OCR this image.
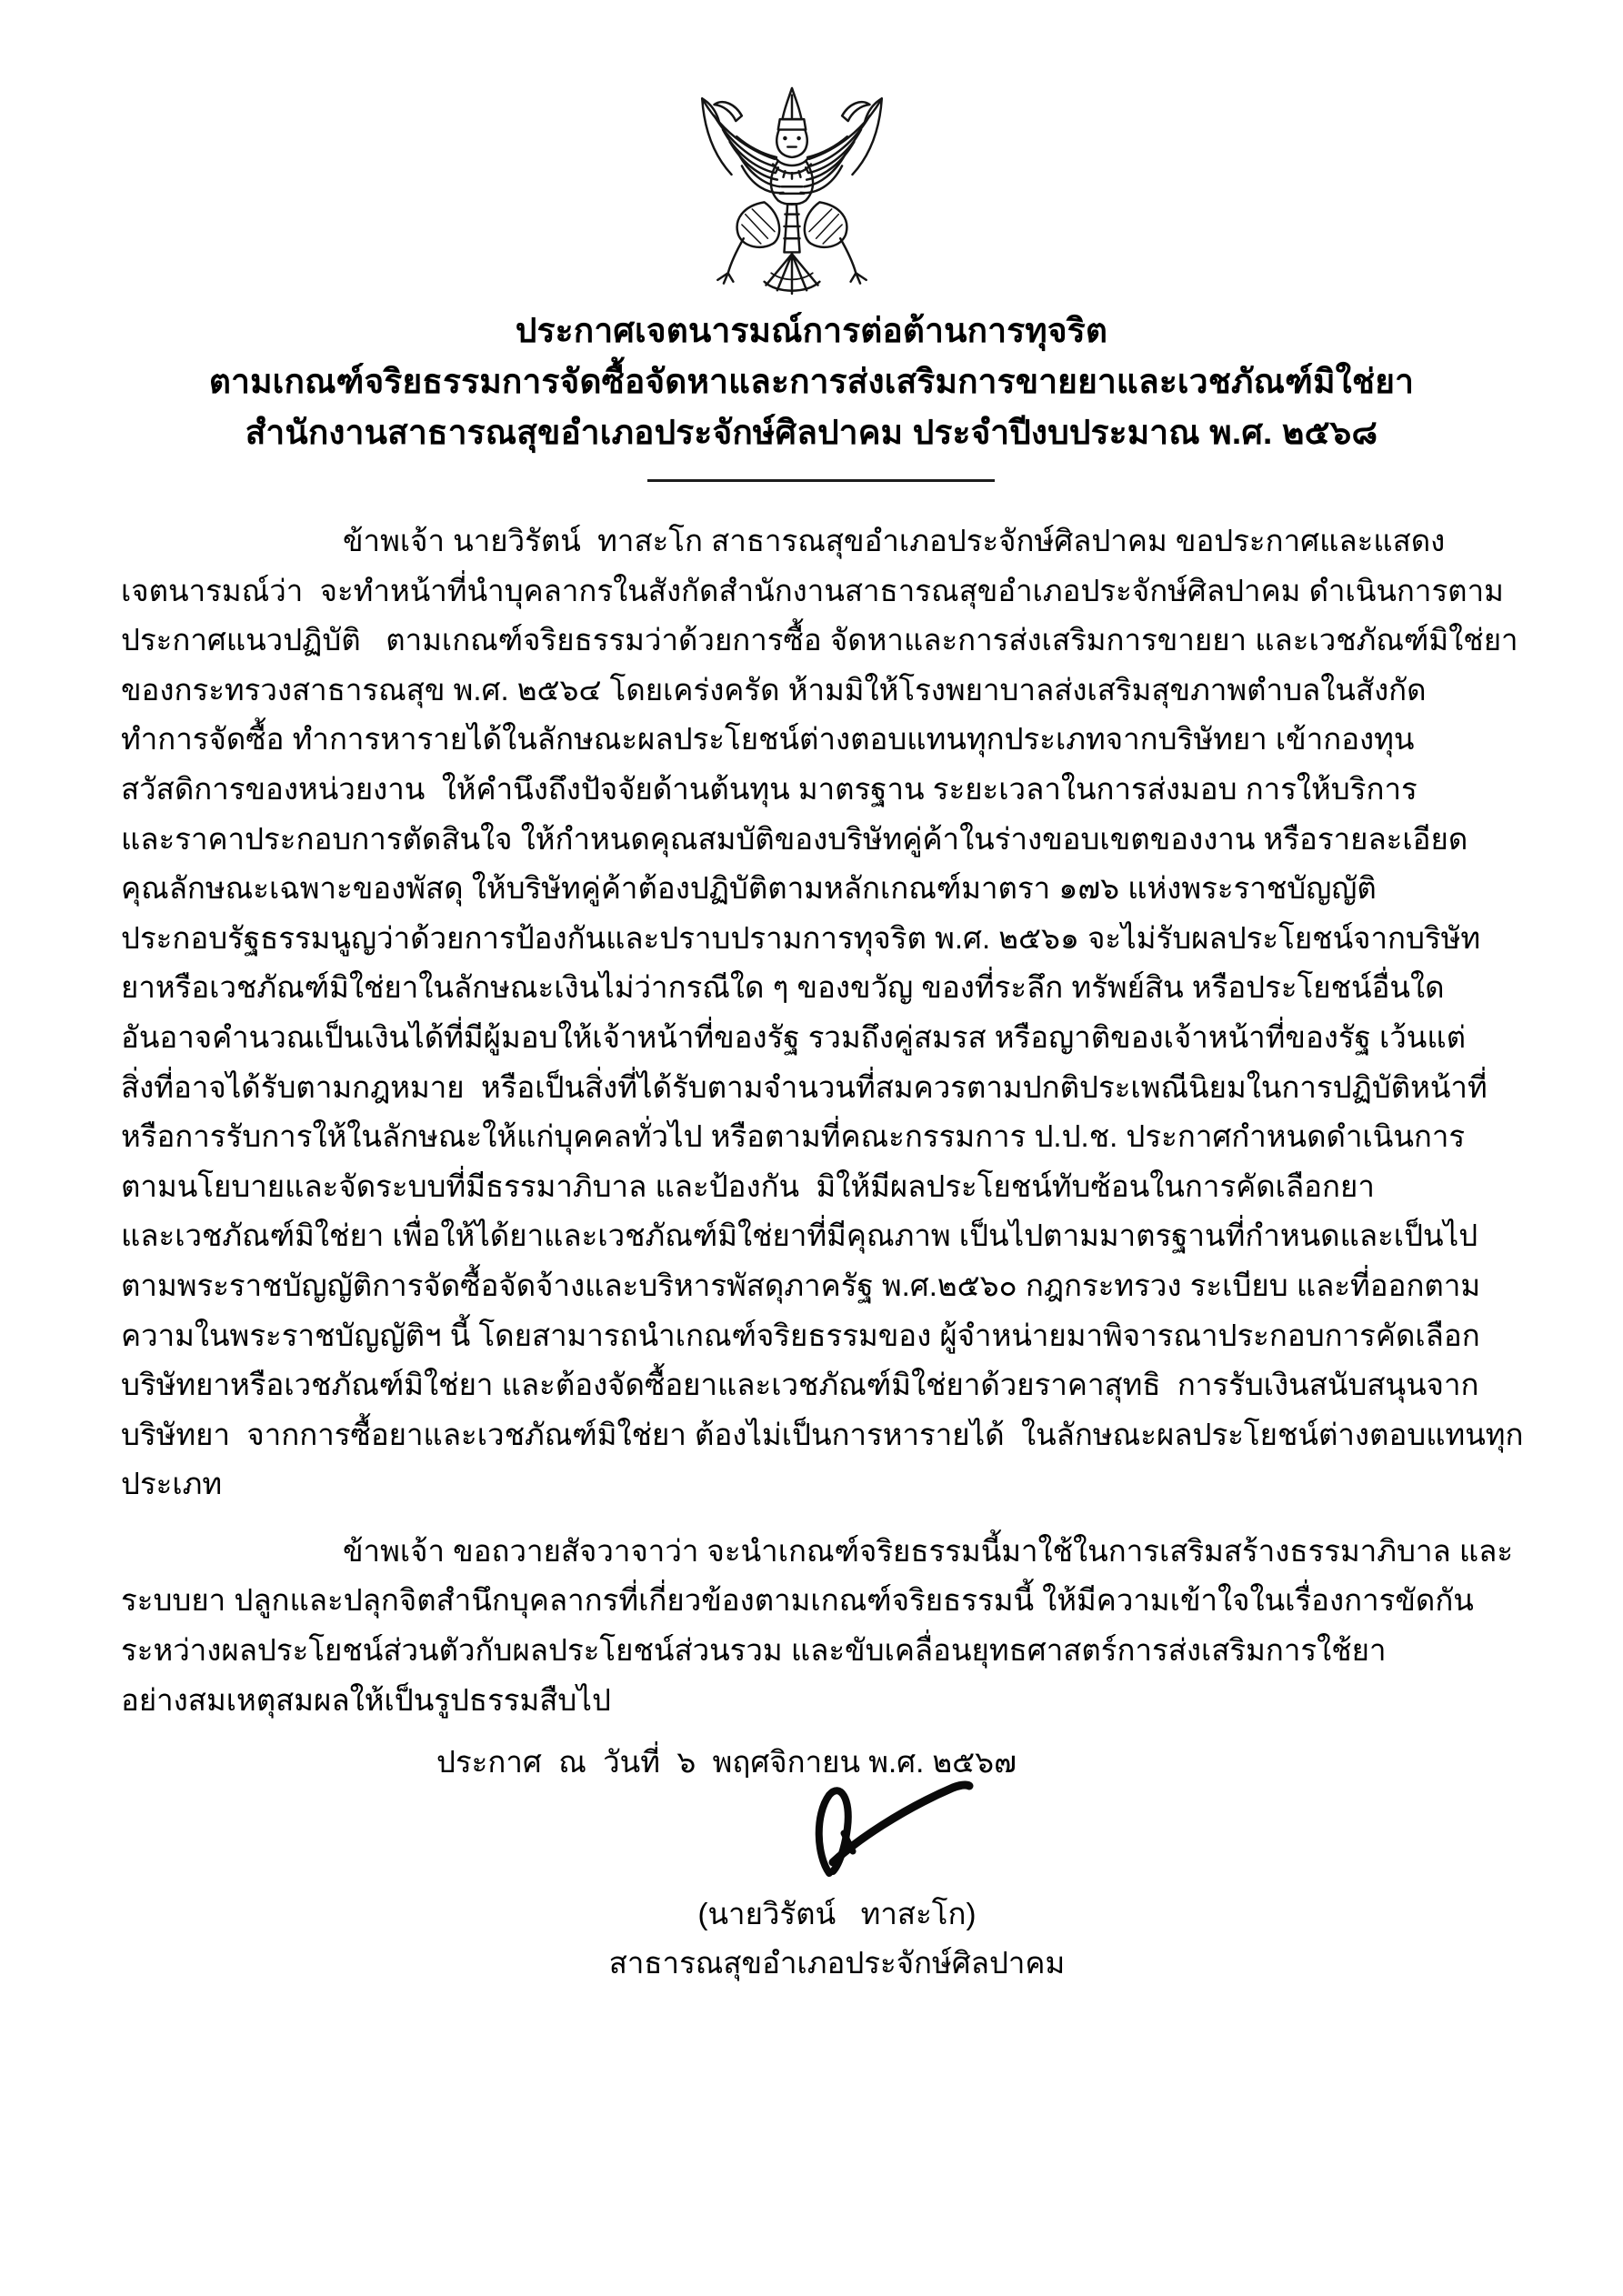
ประกาศเจตนารมณ์การต่อต้านการทุจริต
ตามเกณฑ์จริยธรรมการจัดซื้อจัดหาและการส่งเสริมการขายยาและเวชภัณฑ์มิใช่ยา
สำนักงานสาธารณสุขอำเภอประจักษ์ศิลปาคม ประจำปีงบประมาณ พ.ศ. ๒๕๖๘
ข้าพเจ้า นายวิรัตน์  ทาสะโก สาธารณสุขอำเภอประจักษ์ศิลปาคม ขอประกาศและแสดง
เจตนารมณ์ว่า  จะทำหน้าที่นำบุคลากรในสังกัดสำนักงานสาธารณสุขอำเภอประจักษ์ศิลปาคม ดำเนินการตาม
ประกาศแนวปฏิบัติ   ตามเกณฑ์จริยธรรมว่าด้วยการซื้อ จัดหาและการส่งเสริมการขายยา และเวชภัณฑ์มิใช่ยา
ของกระทรวงสาธารณสุข พ.ศ. ๒๕๖๔ โดยเคร่งครัด ห้ามมิให้โรงพยาบาลส่งเสริมสุขภาพตำบลในสังกัด
ทำการจัดซื้อ ทำการหารายได้ในลักษณะผลประโยชน์ต่างตอบแทนทุกประเภทจากบริษัทยา เข้ากองทุน
สวัสดิการของหน่วยงาน  ให้คำนึงถึงปัจจัยด้านต้นทุน มาตรฐาน ระยะเวลาในการส่งมอบ การให้บริการ
และราคาประกอบการตัดสินใจ ให้กำหนดคุณสมบัติของบริษัทคู่ค้าในร่างขอบเขตของงาน หรือรายละเอียด
คุณลักษณะเฉพาะของพัสดุ ให้บริษัทคู่ค้าต้องปฏิบัติตามหลักเกณฑ์มาตรา ๑๗๖ แห่งพระราชบัญญัติ
ประกอบรัฐธรรมนูญว่าด้วยการป้องกันและปราบปรามการทุจริต พ.ศ. ๒๕๖๑ จะไม่รับผลประโยชน์จากบริษัท
ยาหรือเวชภัณฑ์มิใช่ยาในลักษณะเงินไม่ว่ากรณีใด ๆ ของขวัญ ของที่ระลึก ทรัพย์สิน หรือประโยชน์อื่นใด
อันอาจคำนวณเป็นเงินได้ที่มีผู้มอบให้เจ้าหน้าที่ของรัฐ รวมถึงคู่สมรส หรือญาติของเจ้าหน้าที่ของรัฐ เว้นแต่
สิ่งที่อาจได้รับตามกฎหมาย  หรือเป็นสิ่งที่ได้รับตามจำนวนที่สมควรตามปกติประเพณีนิยมในการปฏิบัติหน้าที่
หรือการรับการให้ในลักษณะให้แก่บุคคลทั่วไป หรือตามที่คณะกรรมการ ป.ป.ช. ประกาศกำหนดดำเนินการ
ตามนโยบายและจัดระบบที่มีธรรมาภิบาล และป้องกัน  มิให้มีผลประโยชน์ทับซ้อนในการคัดเลือกยา
และเวชภัณฑ์มิใช่ยา เพื่อให้ได้ยาและเวชภัณฑ์มิใช่ยาที่มีคุณภาพ เป็นไปตามมาตรฐานที่กำหนดและเป็นไป
ตามพระราชบัญญัติการจัดซื้อจัดจ้างและบริหารพัสดุภาครัฐ พ.ศ.๒๕๖๐ กฎกระทรวง ระเบียบ และที่ออกตาม
ความในพระราชบัญญัติฯ นี้ โดยสามารถนำเกณฑ์จริยธรรมของ ผู้จำหน่ายมาพิจารณาประกอบการคัดเลือก
บริษัทยาหรือเวชภัณฑ์มิใช่ยา และต้องจัดซื้อยาและเวชภัณฑ์มิใช่ยาด้วยราคาสุทธิ  การรับเงินสนับสนุนจาก
บริษัทยา  จากการซื้อยาและเวชภัณฑ์มิใช่ยา ต้องไม่เป็นการหารายได้  ในลักษณะผลประโยชน์ต่างตอบแทนทุก
ประเภท
ข้าพเจ้า ขอถวายสัจวาจาว่า จะนำเกณฑ์จริยธรรมนี้มาใช้ในการเสริมสร้างธรรมาภิบาล และ
ระบบยา ปลูกและปลุกจิตสำนึกบุคลากรที่เกี่ยวข้องตามเกณฑ์จริยธรรมนี้ ให้มีความเข้าใจในเรื่องการขัดกัน
ระหว่างผลประโยชน์ส่วนตัวกับผลประโยชน์ส่วนรวม และขับเคลื่อนยุทธศาสตร์การส่งเสริมการใช้ยา
อย่างสมเหตุสมผลให้เป็นรูปธรรมสืบไป
ประกาศ  ณ  วันที่  ๖  พฤศจิกายน พ.ศ. ๒๕๖๗
(นายวิรัตน์   ทาสะโก)
สาธารณสุขอำเภอประจักษ์ศิลปาคม
